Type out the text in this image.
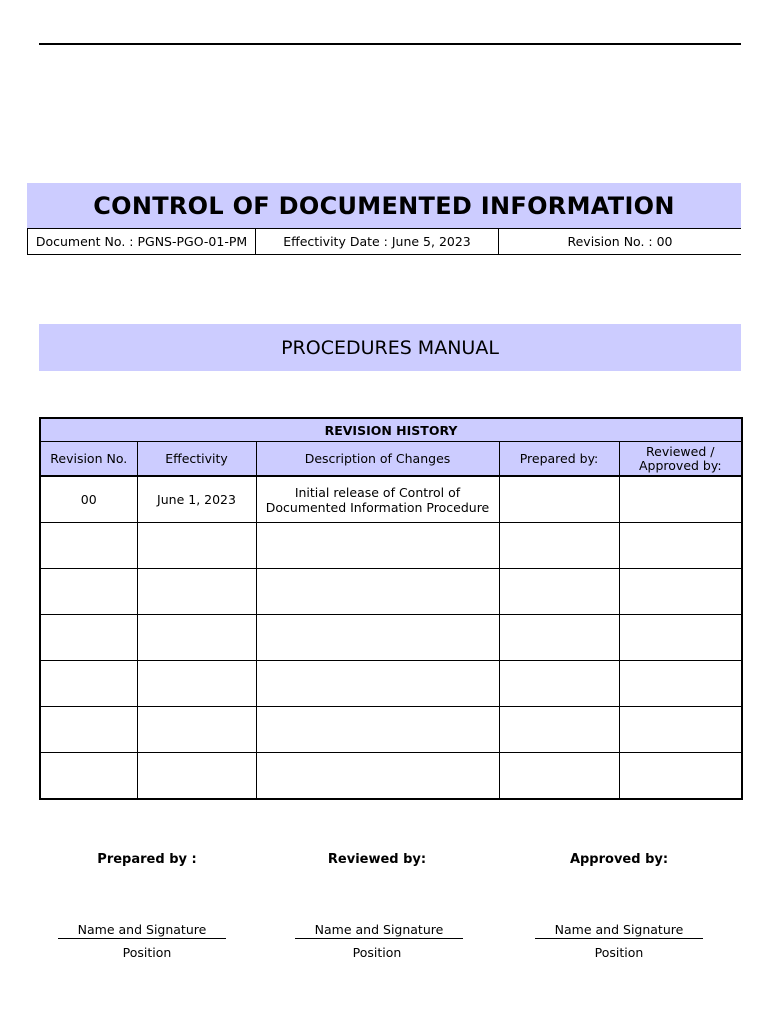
CONTROL OF DOCUMENTED INFORMATION
Document No. : PGNS-PGO-01-PM	Effectivity Date : June 5, 2023	Revision No. : 00
PROCEDURES MANUAL
REVISION HISTORY				
Revision No.	Effectivity	Description of Changes	Prepared by:	Reviewed / Approved by:
00	June 1, 2023	Initial release of Control of Documented Information Procedure		

Prepared by :	Reviewed by:	Approved by:
Name and Signature	Name and Signature	Name and Signature
Position	Position	Position
